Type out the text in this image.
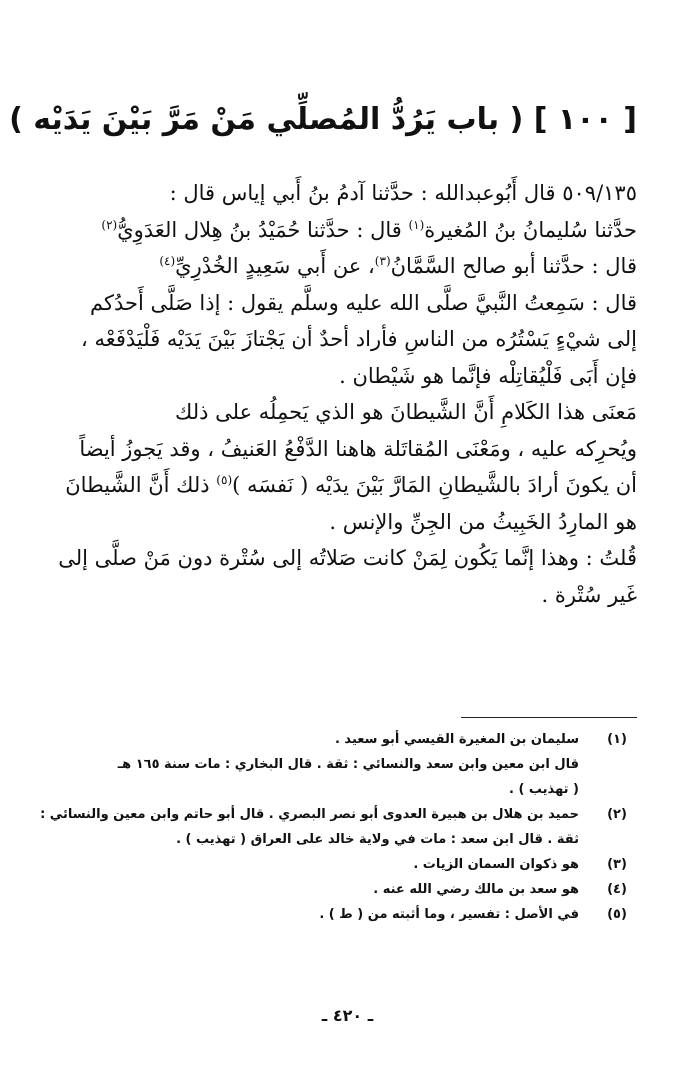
[ ١٠٠ ] ( باب يَرُدُّ المُصلِّي مَنْ مَرَّ بَيْنَ يَدَيْه )
٥٠٩/١٣٥ قال أَبُوعبدالله : حدَّثنا آدمُ بنُ أَبي إياس قال :
حدَّثنا سُليمانُ بنُ المُغيرة$^{(١)}$ قال : حدَّثنا حُمَيْدُ بنُ هِلال العَدَوِيُّ$^{(٢)}$
قال : حدَّثنا أبو صالح السَّمَّانُ$^{(٣)}$، عن أَبي سَعِيدٍ الخُدْرِيِّ$^{(٤)}$
قال : سَمِعتُ النَّبيَّ صلَّى الله عليه وسلَّم يقول : إذا صَلَّى أَحدُكم
إلى شيْءٍ يَسْتُرُه من الناسِ فأراد أحدٌ أن يَجْتازَ بَيْنَ يَدَيْه فَلْيَدْفَعْه ،
فإن أَبَى فَلْيُقاتِلْه فإنَّما هو شَيْطان .
مَعنَى هذا الكَلامِ أَنَّ الشَّيطانَ هو الذي يَحمِلُه على ذلك
ويُحرِكه عليه ، ومَعْنَى المُقاتَلة هاهنا الدَّفْعُ العَنيفُ ، وقد يَجوزُ أيضاً
أن يكونَ أرادَ بالشَّيطانِ المَارَّ بَيْنَ يدَيْه ( نَفسَه )$^{(٥)}$ ذلك أَنَّ الشَّيطانَ
هو المارِدُ الخَبِيثُ من الجِنِّ والإنس .
قُلتُ : وهذا إنَّما يَكُون لِمَنْ كانت صَلاتُه إلى سُتْرة دون مَنْ صلَّى إلى
غَير سُتْرة .
(١)
سليمان بن المغيرة القيسي أبو سعيد .
قال ابن معين وابن سعد والنسائي : ثقة . قال البخاري : مات سنة ١٦٥ هـ
( تهذيب ) .
(٢)
حميد بن هلال بن هبيرة العدوى أبو نصر البصري . قال أبو حاتم وابن معين والنسائي :
ثقة . قال ابن سعد : مات في ولاية خالد على العراق ( تهذيب ) .
(٣)
هو ذكوان السمان الزيات .
(٤)
هو سعد بن مالك رضي الله عنه .
(٥)
في الأصل : تفسير ، وما أثبته من ( ط ) .
ـ ٤٢٠ ـ
